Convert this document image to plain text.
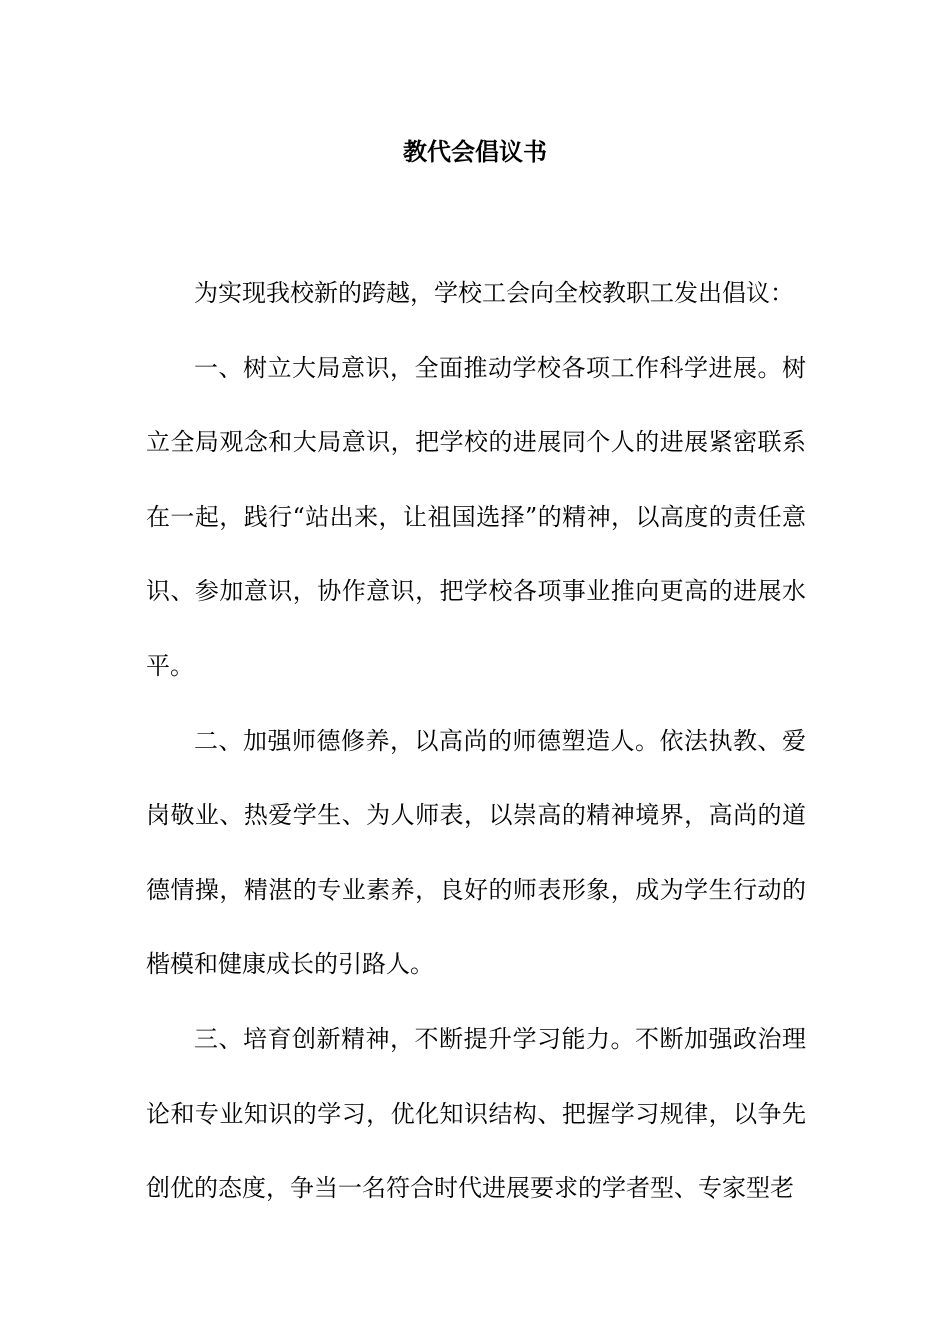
教代会倡议书

为实现我校新的跨越，学校工会向全校教职工发出倡议：

一、树立大局意识，全面推动学校各项工作科学进展。树立全局观念和大局意识，把学校的进展同个人的进展紧密联系在一起，践行“站出来，让祖国选择”的精神，以高度的责任意识、参加意识，协作意识，把学校各项事业推向更高的进展水平。

二、加强师德修养，以高尚的师德塑造人。依法执教、爱岗敬业、热爱学生、为人师表，以崇高的精神境界，高尚的道德情操，精湛的专业素养，良好的师表形象，成为学生行动的楷模和健康成长的引路人。

三、培育创新精神，不断提升学习能力。不断加强政治理论和专业知识的学习，优化知识结构、把握学习规律，以争先创优的态度，争当一名符合时代进展要求的学者型、专家型老
